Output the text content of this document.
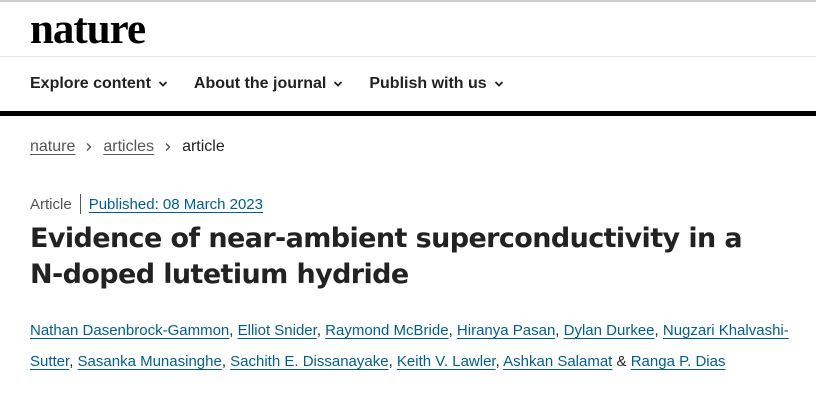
nature
Explore content	About the journal	Publish with us
nature articles article
Article Published: 08 March 2023
Evidence of near-ambient superconductivity in a N-doped lutetium hydride
Nathan Dasenbrock-Gammon, Elliot Snider, Raymond McBride, Hiranya Pasan, Dylan Durkee, Nugzari Khalvashi-Sutter, Sasanka Munasinghe, Sachith E. Dissanayake, Keith V. Lawler, Ashkan Salamat & Ranga P. Dias
